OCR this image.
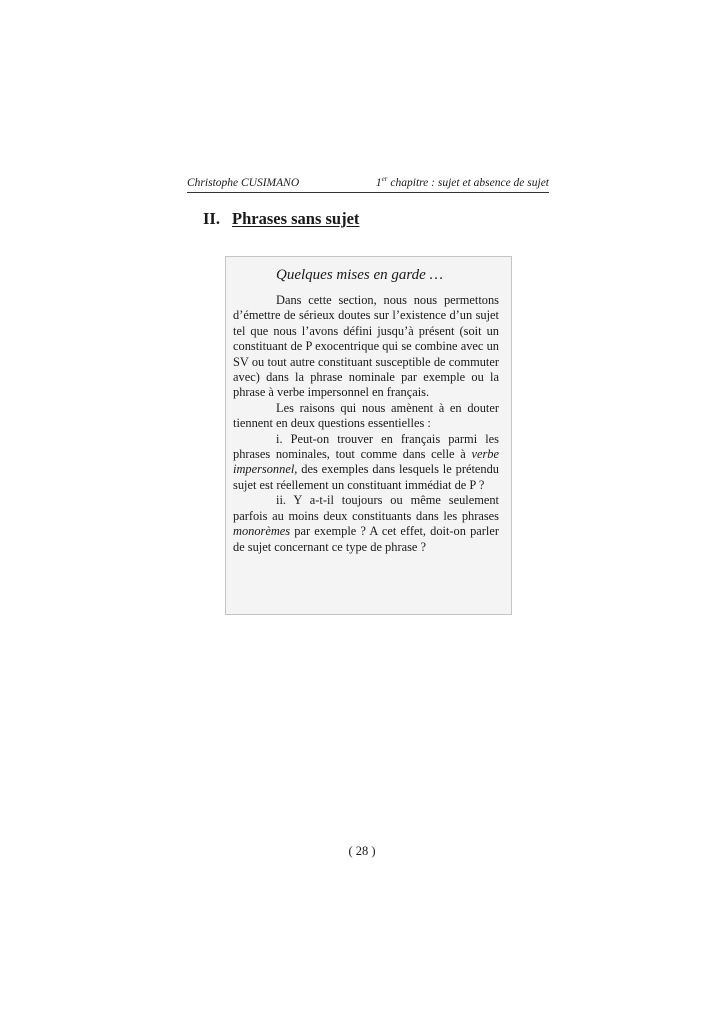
Christophe CUSIMANO	1er chapitre : sujet et absence de sujet
II. Phrases sans sujet
Quelques mises en garde …

Dans cette section, nous nous permettons d’émettre de sérieux doutes sur l’existence d’un sujet tel que nous l’avons défini jusqu’à présent (soit un constituant de P exocentrique qui se combine avec un SV ou tout autre constituant susceptible de commuter avec) dans la phrase nominale par exemple ou la phrase à verbe impersonnel en français.

Les raisons qui nous amènent à en douter tiennent en deux questions essentielles :

i. Peut-on trouver en français parmi les phrases nominales, tout comme dans celle à verbe impersonnel, des exemples dans lesquels le prétendu sujet est réellement un constituant immédiat de P ?

ii. Y a-t-il toujours ou même seulement parfois au moins deux constituants dans les phrases monorèmes par exemple ? A cet effet, doit-on parler de sujet concernant ce type de phrase ?

( 28 )
